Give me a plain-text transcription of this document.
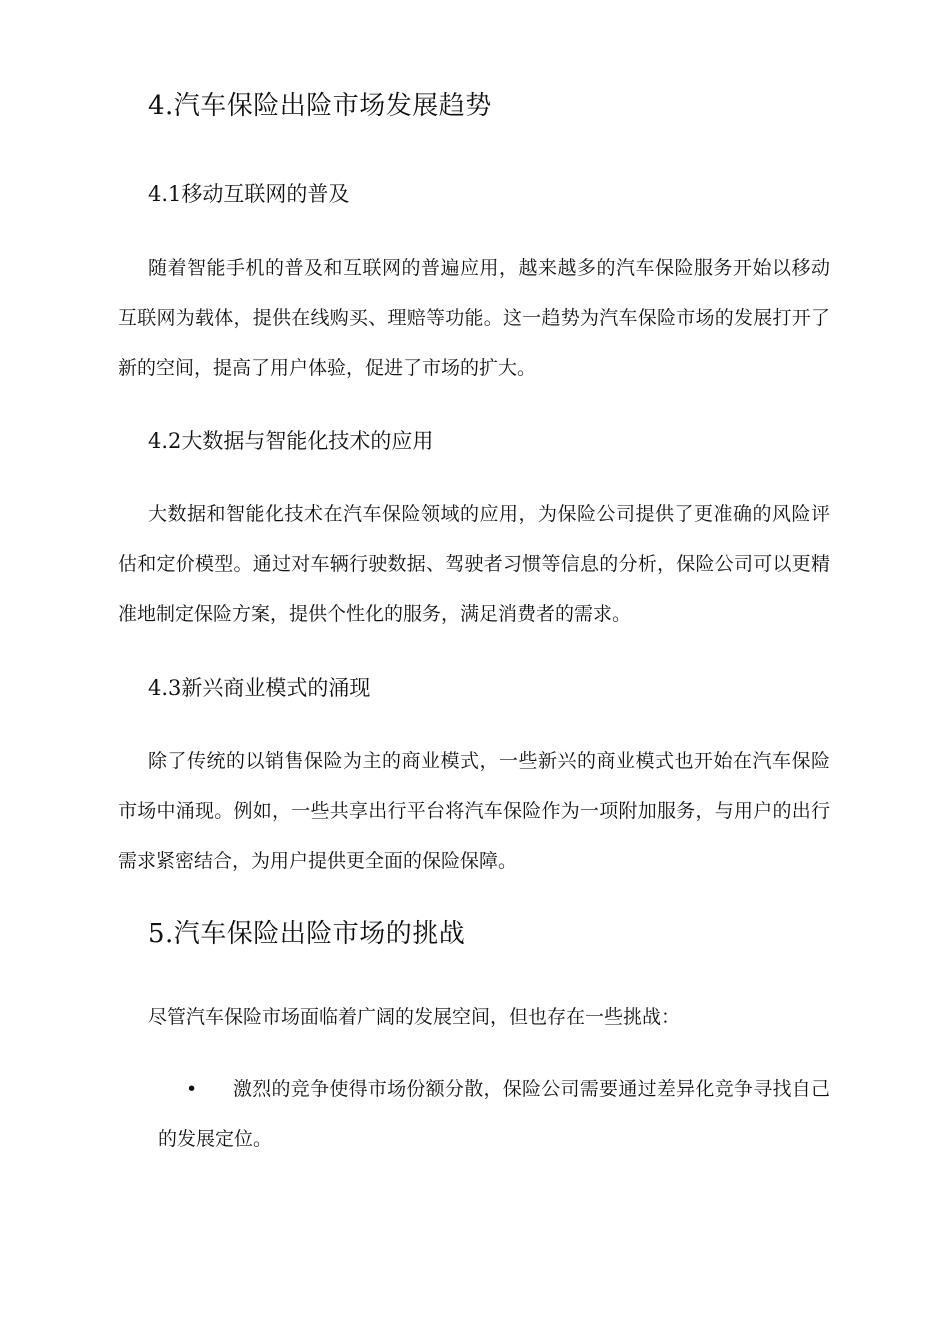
4.汽车保险出险市场发展趋势
4.1移动互联网的普及

随着智能手机的普及和互联网的普遍应用，越来越多的汽车保险服务开始以移动互联网为载体，提供在线购买、理赔等功能。这一趋势为汽车保险市场的发展打开了新的空间，提高了用户体验，促进了市场的扩大。

4.2大数据与智能化技术的应用

大数据和智能化技术在汽车保险领域的应用，为保险公司提供了更准确的风险评估和定价模型。通过对车辆行驶数据、驾驶者习惯等信息的分析，保险公司可以更精准地制定保险方案，提供个性化的服务，满足消费者的需求。

4.3新兴商业模式的涌现

除了传统的以销售保险为主的商业模式，一些新兴的商业模式也开始在汽车保险市场中涌现。例如，一些共享出行平台将汽车保险作为一项附加服务，与用户的出行需求紧密结合，为用户提供更全面的保险保障。

5.汽车保险出险市场的挑战
尽管汽车保险市场面临着广阔的发展空间，但也存在一些挑战：
•	激烈的竞争使得市场份额分散，保险公司需要通过差异化竞争寻找自己的发展定位。
